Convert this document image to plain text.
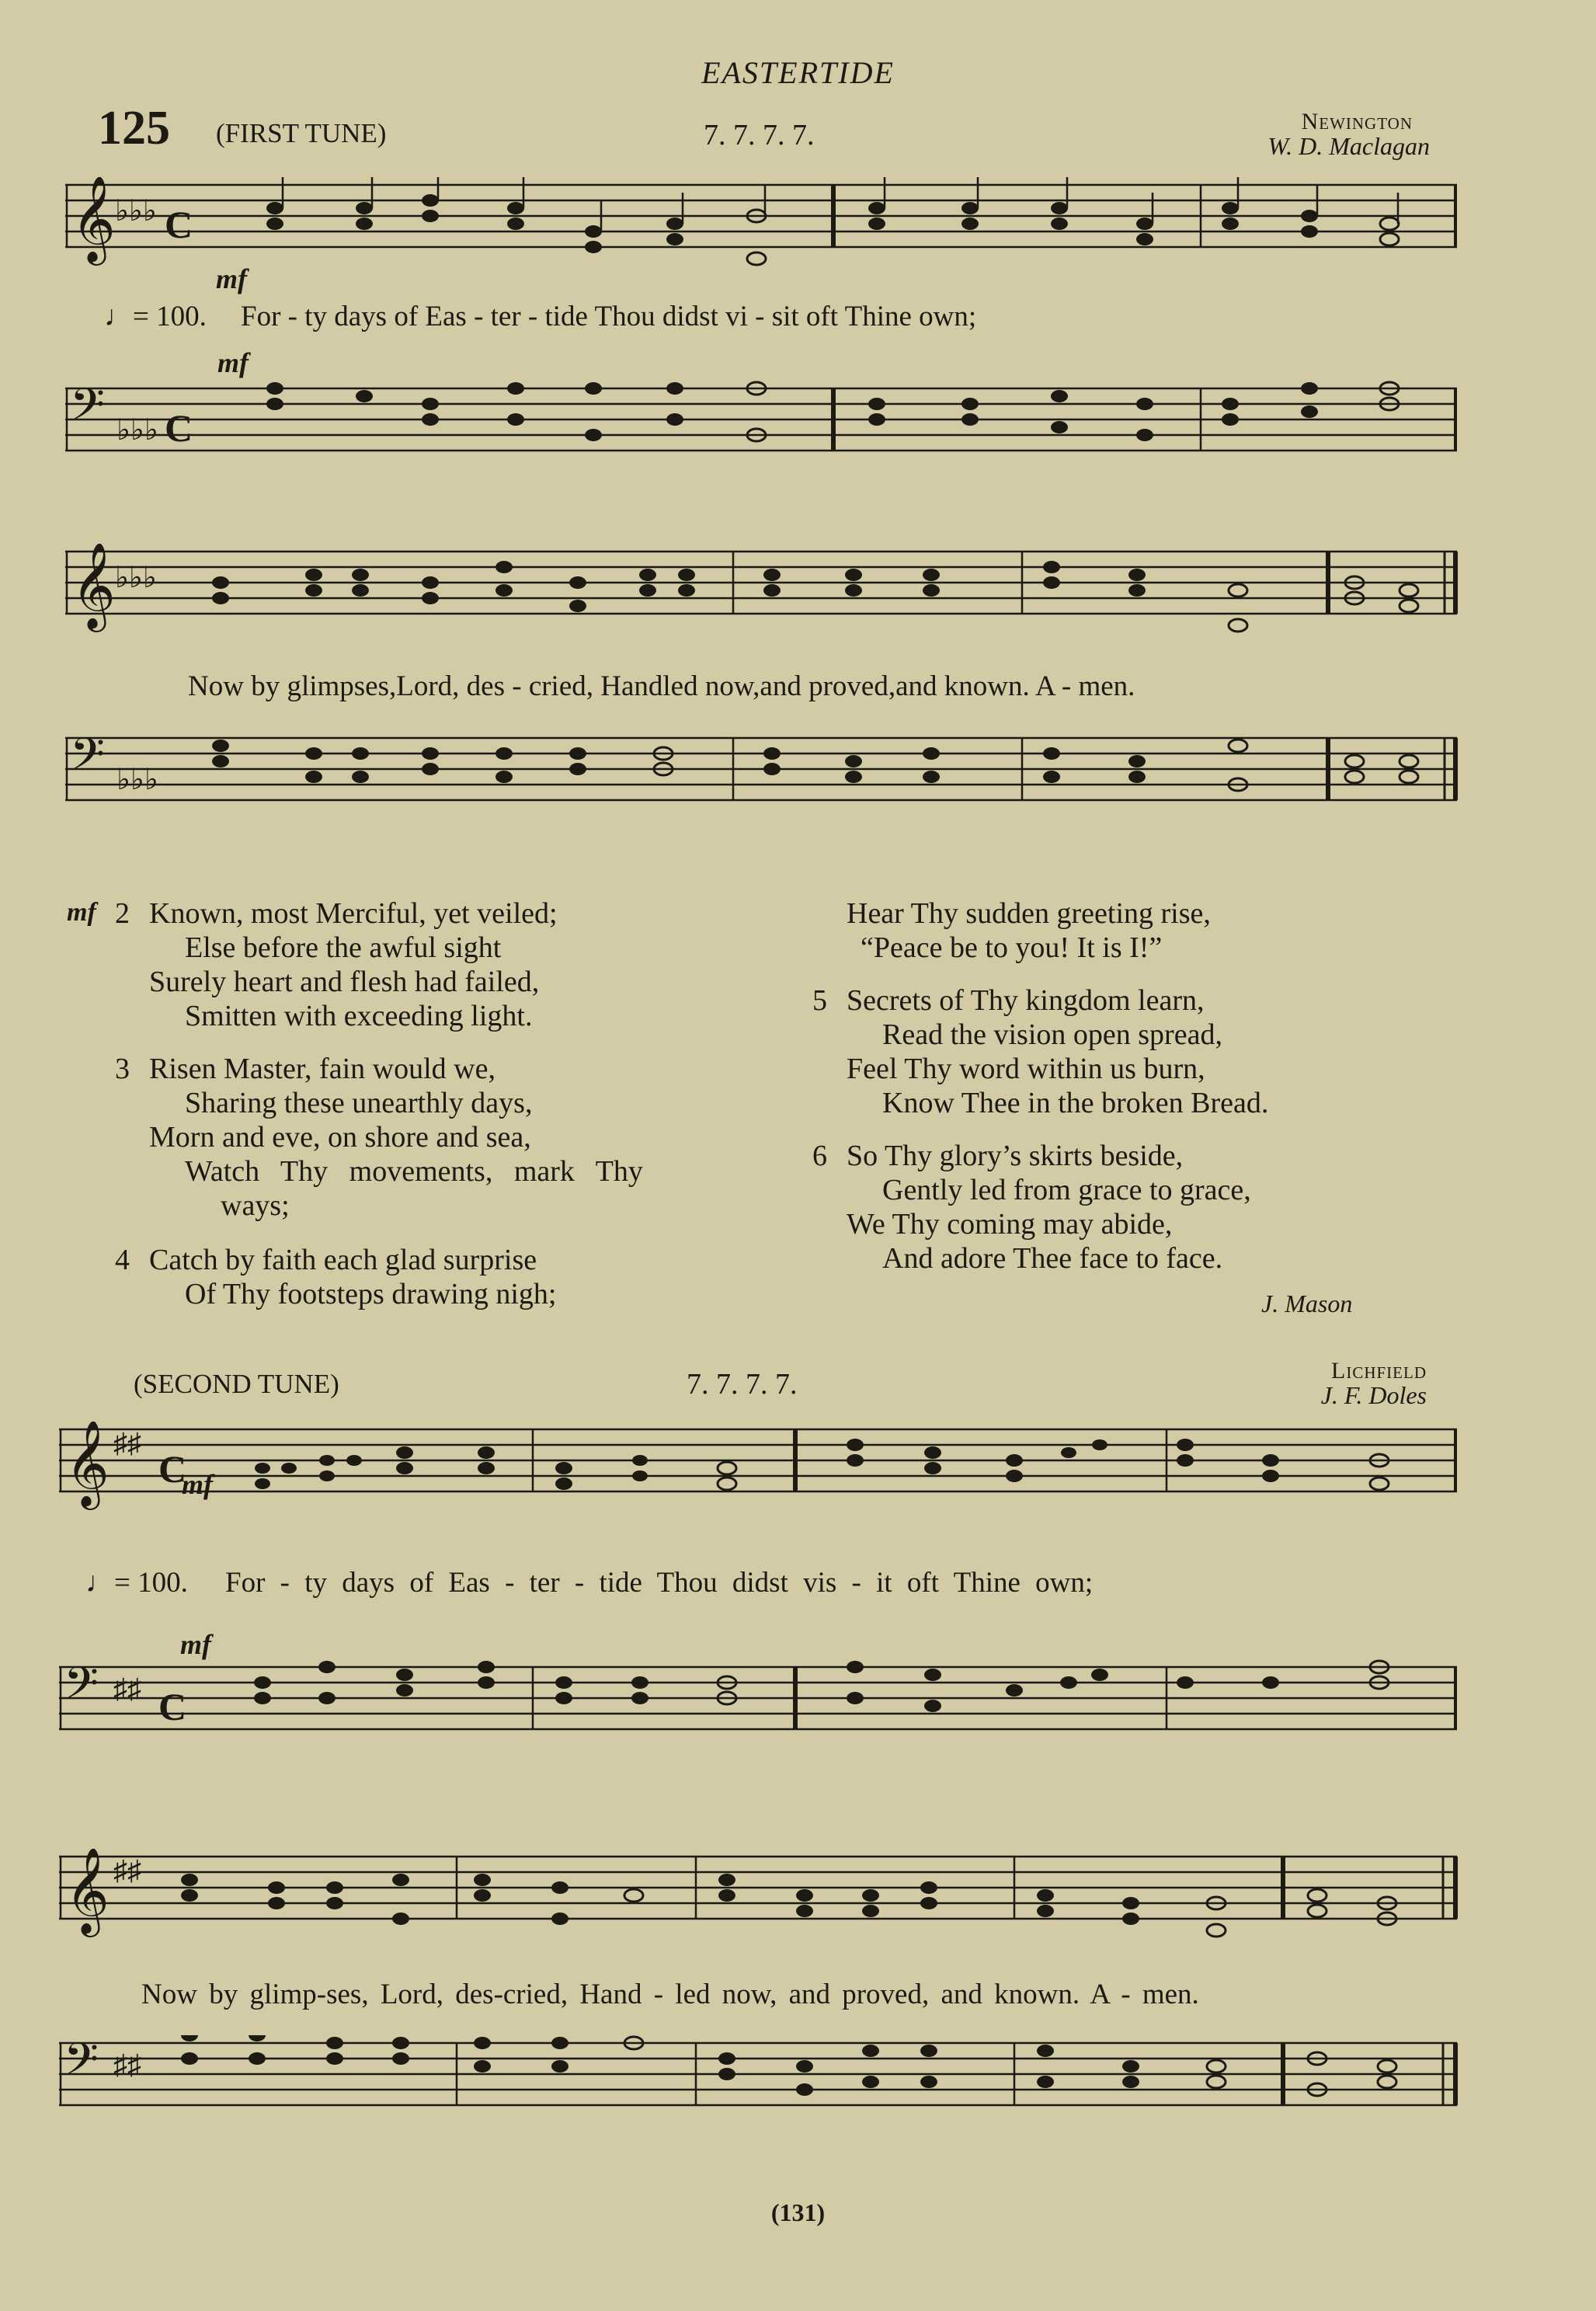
EASTERTIDE
125 (FIRST TUNE)	7. 7. 7. 7.	Newington
W. D. Maclagan
𝄞 ♭♭♭ C
mf
♩= 100. For - ty days of Eas - ter - tide Thou didst vi - sit oft Thine own;
mf
𝄢 ♭♭♭ C
𝄞 ♭♭♭
Now by glimpses,Lord, des - cried, Handled now,and proved,and known. A - men.
𝄢 ♭♭♭
mf 2 Known, most Merciful, yet veiled;
Else before the awful sight
Surely heart and flesh had failed,
Smitten with exceeding light.
3 Risen Master, fain would we,
Sharing these unearthly days,
Morn and eve, on shore and sea,
Watch Thy movements, mark Thy
ways;
4 Catch by faith each glad surprise
Of Thy footsteps drawing nigh;
Hear Thy sudden greeting rise,
“Peace be to you! It is I!”
5 Secrets of Thy kingdom learn,
Read the vision open spread,
Feel Thy word within us burn,
Know Thee in the broken Bread.
6 So Thy glory’s skirts beside,
Gently led from grace to grace,
We Thy coming may abide,
And adore Thee face to face.
J. Mason
(SECOND TUNE)	7. 7. 7. 7.	Lichfield
J. F. Doles
𝄞 ♯♯
C
mf
♩= 100. For - ty days of Eas - ter - tide Thou didst vis - it oft Thine own;
mf
𝄢 ♯♯ C
𝄞 ♯♯
Now by glimp-ses, Lord, des-cried, Hand - led now, and proved, and known. A - men.
𝄢 ♯♯
(131)
